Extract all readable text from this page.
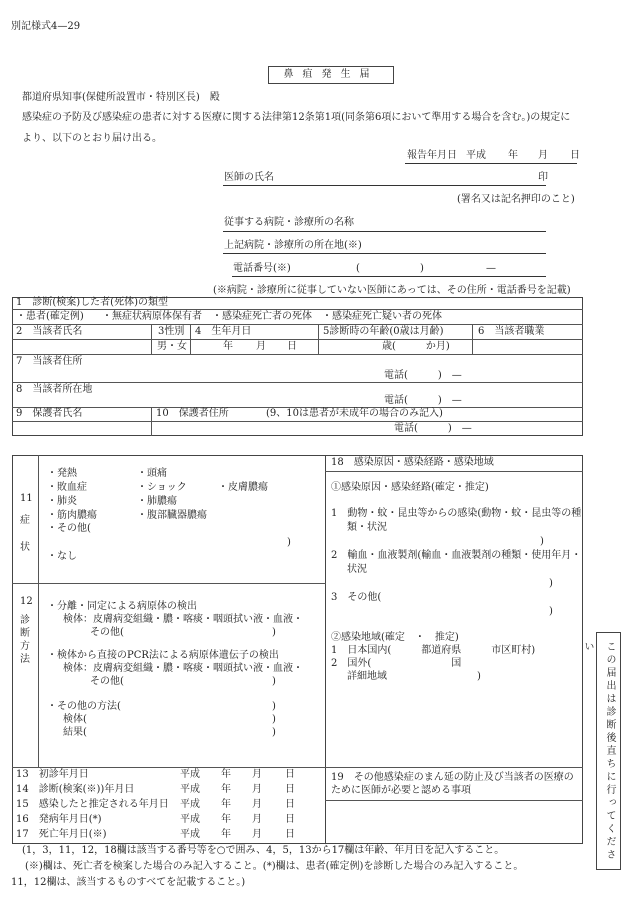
別記様式4—29
鼻疽発生届
都道府県知事(保健所設置市・特別区長)　殿
感染症の予防及び感染症の患者に対する医療に関する法律第12条第1項(同条第6項において準用する場合を含む。)の規定に
より、以下のとおり届け出る。
報告年月日 平成 年 月 日
医師の氏名	印
(署名又は記名押印のこと)
従事する病院・診療所の名称
上記病院・診療所の所在地(※)
電話番号(※)	(	)	—
(※病院・診療所に従事していない医師にあっては、その住所・電話番号を記載)
1　診断(検案)した者(死体)の類型
・患者(確定例) ・無症状病原体保有者 ・感染症死亡者の死体 ・感染症死亡疑い者の死体
2　当該者氏名	3性別 4　生年月日	5診断時の年齢(0歳は月齢)	6　当該者職業
男・女	年 月 日	歳(　　　か月)
7　当該者住所
電話(　　　)　—
8　当該者所在地
電話(　　　)　—
9　保護者氏名	10　保護者住所	(9、10は患者が未成年の場合のみ記入)
電話(　　　)　—
11
症
状
・発熱
・敗血症
・肺炎
・筋肉膿瘍
・頭痛
・ショック
・肺膿瘍
・腹部臓器膿瘍
・皮膚膿瘍
・その他(
)
・なし
12
診断方法
・分離・同定による病原体の検出
検体：皮膚病変組織・膿・喀痰・咽頭拭い液・血液・
その他(	)
・検体から直接のPCR法による病原体遺伝子の検出
検体：皮膚病変組織・膿・喀痰・咽頭拭い液・血液・
その他(	)
・その他の方法(	)
検体(	)
結果(	)
13　初診年月日	平成 年 月 日
14　診断(検案(※))年月日	平成 年 月 日
15　感染したと推定される年月日 平成 年 月 日
16　発病年月日(*)	平成 年 月 日
17　死亡年月日(※)	平成 年 月 日
18　感染原因・感染経路・感染地域
①感染原因・感染経路(確定・推定)
1　動物・蚊・昆虫等からの感染(動物・蚊・昆虫等の種
類・状況
)
2　輸血・血液製剤(輸血・血液製剤の種類・使用年月・
状況
)
3　その他(
)
②感染地域(確定　・　推定)
1　日本国内(　　　都道府県　　　市区町村)
2　国外(　　　　　　　　国
詳細地域　　　　　　　　　)
19　その他感染症のまん延の防止及び当該者の医療の
ために医師が必要と認める事項
(1，3，11，12，18欄は該当する番号等を○で囲み、4，5，13から17欄は年齢、年月日を記入すること。
(※)欄は、死亡者を検案した場合のみ記入すること。(*)欄は、患者(確定例)を診断した場合のみ記入すること。
11，12欄は、該当するものすべてを記載すること。)
この届出は診断後直ちに行ってください
